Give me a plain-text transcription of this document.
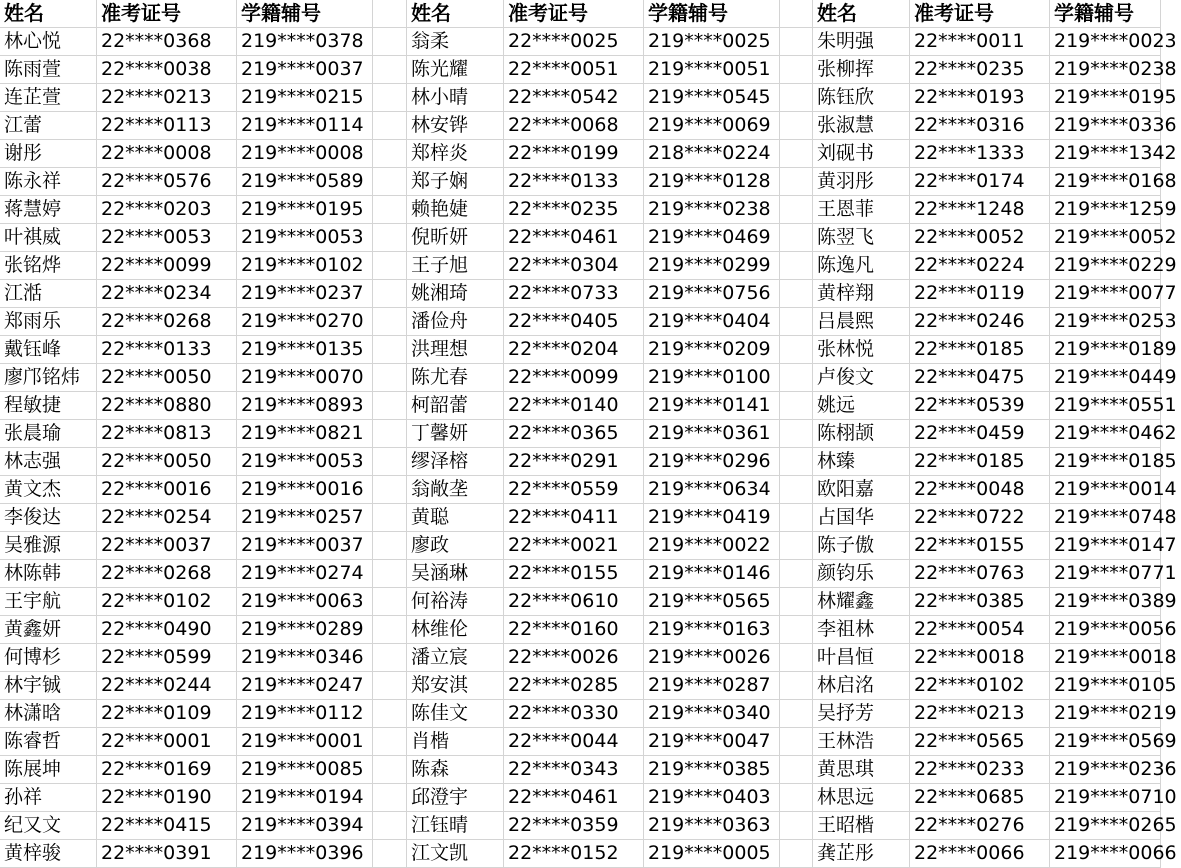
姓名	准考证号	学籍辅号	姓名	准考证号	学籍辅号	姓名	准考证号	学籍辅号
林心悦	22****0368	219****0378	翁柔	22****0025	219****0025	朱明强	22****0011	219****0023
陈雨萱	22****0038	219****0037	陈光耀	22****0051	219****0051	张柳挥	22****0235	219****0238
连芷萱	22****0213	219****0215	林小晴	22****0542	219****0545	陈钰欣	22****0193	219****0195
江蕾	22****0113	219****0114	林安铧	22****0068	219****0069	张淑慧	22****0316	219****0336
谢彤	22****0008	219****0008	郑梓炎	22****0199	218****0224	刘砚书	22****1333	219****1342
陈永祥	22****0576	219****0589	郑子娴	22****0133	219****0128	黄羽彤	22****0174	219****0168
蒋慧婷	22****0203	219****0195	赖艳婕	22****0235	219****0238	王恩菲	22****1248	219****1259
叶祺威	22****0053	219****0053	倪昕妍	22****0461	219****0469	陈翌飞	22****0052	219****0052
张铭烨	22****0099	219****0102	王子旭	22****0304	219****0299	陈逸凡	22****0224	219****0229
江湉	22****0234	219****0237	姚湘琦	22****0733	219****0756	黄梓翔	22****0119	219****0077
郑雨乐	22****0268	219****0270	潘俭舟	22****0405	219****0404	吕晨熙	22****0246	219****0253
戴钰峰	22****0133	219****0135	洪理想	22****0204	219****0209	张林悦	22****0185	219****0189
廖邝铭炜	22****0050	219****0070	陈尤春	22****0099	219****0100	卢俊文	22****0475	219****0449
程敏捷	22****0880	219****0893	柯韶蕾	22****0140	219****0141	姚远	22****0539	219****0551
张晨瑜	22****0813	219****0821	丁馨妍	22****0365	219****0361	陈栩颉	22****0459	219****0462
林志强	22****0050	219****0053	缪泽榕	22****0291	219****0296	林臻	22****0185	219****0185
黄文杰	22****0016	219****0016	翁敞垄	22****0559	219****0634	欧阳嘉	22****0048	219****0014
李俊达	22****0254	219****0257	黄聪	22****0411	219****0419	占国华	22****0722	219****0748
吴雅源	22****0037	219****0037	廖政	22****0021	219****0022	陈子傲	22****0155	219****0147
林陈韩	22****0268	219****0274	吴涵琳	22****0155	219****0146	颜钧乐	22****0763	219****0771
王宇航	22****0102	219****0063	何裕涛	22****0610	219****0565	林耀鑫	22****0385	219****0389
黄鑫妍	22****0490	219****0289	林维伦	22****0160	219****0163	李祖林	22****0054	219****0056
何博杉	22****0599	219****0346	潘立宸	22****0026	219****0026	叶昌恒	22****0018	219****0018
林宇铖	22****0244	219****0247	郑安淇	22****0285	219****0287	林启洺	22****0102	219****0105
林潇晗	22****0109	219****0112	陈佳文	22****0330	219****0340	吴抒芳	22****0213	219****0219
陈睿哲	22****0001	219****0001	肖楷	22****0044	219****0047	王林浩	22****0565	219****0569
陈展坤	22****0169	219****0085	陈森	22****0343	219****0385	黄思琪	22****0233	219****0236
孙祥	22****0190	219****0194	邱澄宇	22****0461	219****0403	林思远	22****0685	219****0710
纪又文	22****0415	219****0394	江钰晴	22****0359	219****0363	王昭楷	22****0276	219****0265
黄梓骏	22****0391	219****0396	江文凯	22****0152	219****0005	龚芷彤	22****0066	219****0066
